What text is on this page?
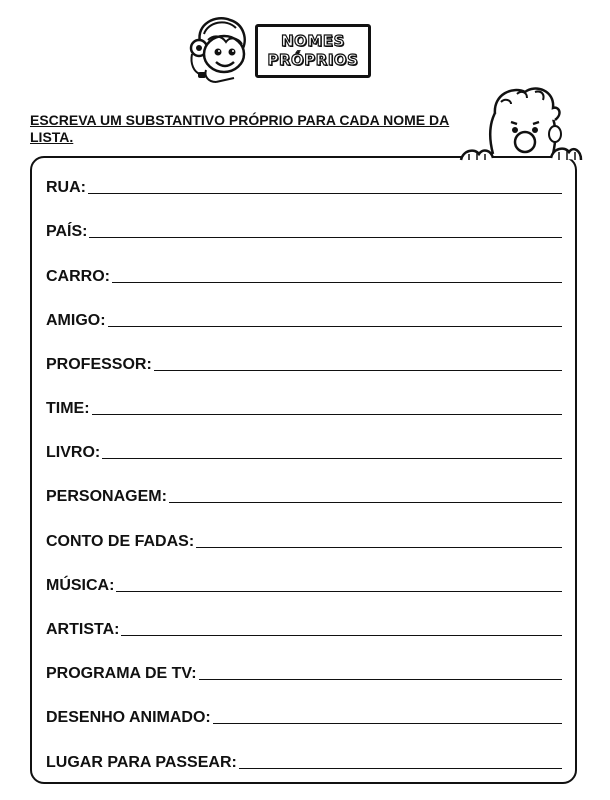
NOMES
PRÓPRIOS
ESCREVA UM SUBSTANTIVO PRÓPRIO PARA CADA NOME DA LISTA.
RUA:
PAÍS:
CARRO:
AMIGO:
PROFESSOR:
TIME:
LIVRO:
PERSONAGEM:
CONTO DE FADAS:
MÚSICA:
ARTISTA:
PROGRAMA DE TV:
DESENHO ANIMADO:
LUGAR PARA PASSEAR:
